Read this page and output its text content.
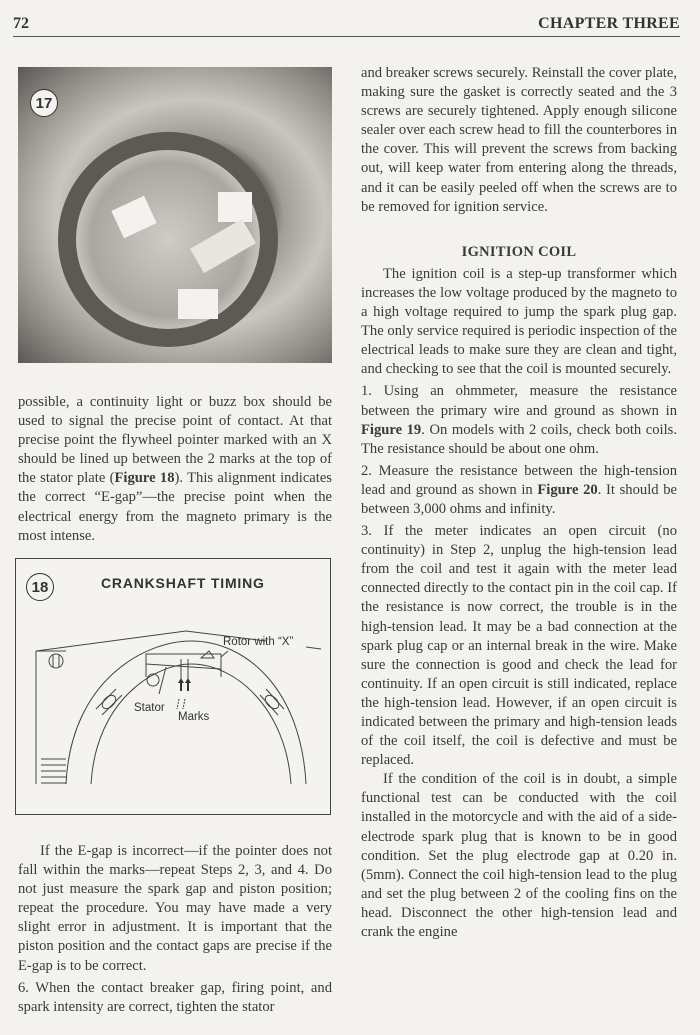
72	CHAPTER THREE
17

possible, a continuity light or buzz box should be used to signal the precise point of contact. At that precise point the flywheel pointer marked with an X should be lined up between the 2 marks at the top of the stator plate (Figure 18). This alignment indicates the correct “E-gap”—the precise point when the electrical energy from the magneto primary is the most intense.

18	CRANKSHAFT TIMING
Rotor with “X”
Stator
Marks

If the E-gap is incorrect—if the pointer does not fall within the marks—repeat Steps 2, 3, and 4. Do not just measure the spark gap and piston position; repeat the procedure. You may have made a very slight error in adjustment. It is important that the piston position and the contact gaps are precise if the E-gap is to be correct.

6. When the contact breaker gap, firing point, and spark intensity are correct, tighten the stator

and breaker screws securely. Reinstall the cover plate, making sure the gasket is correctly seated and the 3 screws are securely tightened. Apply enough silicone sealer over each screw head to fill the counterbores in the cover. This will prevent the screws from backing out, will keep water from entering along the threads, and it can be easily peeled off when the screws are to be removed for ignition service.

IGNITION COIL

The ignition coil is a step-up transformer which increases the low voltage produced by the magneto to a high voltage required to jump the spark plug gap. The only service required is periodic inspection of the electrical leads to make sure they are clean and tight, and checking to see that the coil is mounted securely.

1. Using an ohmmeter, measure the resistance between the primary wire and ground as shown in Figure 19. On models with 2 coils, check both coils. The resistance should be about one ohm.

2. Measure the resistance between the high-tension lead and ground as shown in Figure 20. It should be between 3,000 ohms and infinity.

3. If the meter indicates an open circuit (no continuity) in Step 2, unplug the high-tension lead from the coil and test it again with the meter lead connected directly to the contact pin in the coil cap. If the resistance is now correct, the trouble is in the high-tension lead. It may be a bad connection at the spark plug cap or an internal break in the wire. Make sure the connection is good and check the lead for continuity. If an open circuit is still indicated, replace the high-tension lead. However, if an open circuit is indicated between the primary and high-tension leads of the coil itself, the coil is defective and must be replaced.

If the condition of the coil is in doubt, a simple functional test can be conducted with the coil installed in the motorcycle and with the aid of a side-electrode spark plug that is known to be in good condition. Set the plug electrode gap at 0.20 in. (5mm). Connect the coil high-tension lead to the plug and set the plug between 2 of the cooling fins on the head. Disconnect the other high-tension lead and crank the engine
